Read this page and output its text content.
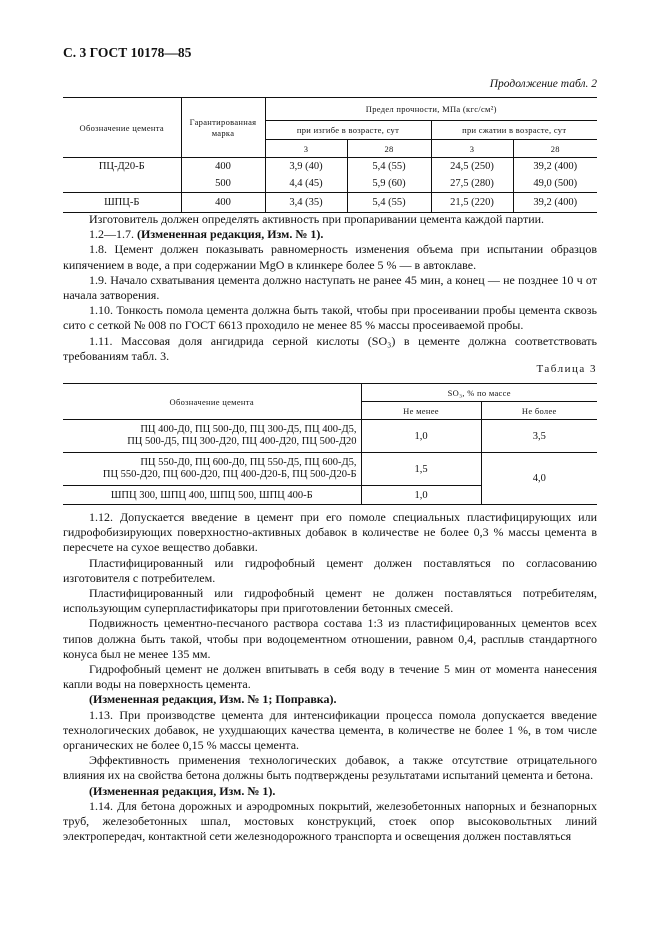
С. 3 ГОСТ 10178—85
Продолжение табл. 2
Обозначение цемента	Гарантированная марка	Предел прочности, МПа (кгс/см²)			
		при изгибе в возрасте, сут		при сжатии в возрасте, сут	
		3	28	3	28
ПЦ-Д20-Б	400	3,9 (40)	5,4 (55)	24,5 (250)	39,2 (400)
	500	4,4 (45)	5,9 (60)	27,5 (280)	49,0 (500)
ШПЦ-Б	400	3,4 (35)	5,4 (55)	21,5 (220)	39,2 (400)

Изготовитель должен определять активность при пропаривании цемента каждой партии.

1.2—1.7. (Измененная редакция, Изм. № 1).

1.8. Цемент должен показывать равномерность изменения объема при испытании образцов кипячением в воде, а при содержании MgO в клинкере более 5 % — в автоклаве.

1.9. Начало схватывания цемента должно наступать не ранее 45 мин, а конец — не позднее 10 ч от начала затворения.

1.10. Тонкость помола цемента должна быть такой, чтобы при просеивании пробы цемента сквозь сито с сеткой № 008 по ГОСТ 6613 проходило не менее 85 % массы просеиваемой пробы.

1.11. Массовая доля ангидрида серной кислоты (SO₃) в цементе должна соответствовать требованиям табл. 3.

Таблица 3
Обозначение цемента	SO₃, % по массе	
	Не менее	Не более
ПЦ 400-Д0, ПЦ 500-Д0, ПЦ 300-Д5, ПЦ 400-Д5,
ПЦ 500-Д5, ПЦ 300-Д20, ПЦ 400-Д20, ПЦ 500-Д20	1,0	3,5
ПЦ 550-Д0, ПЦ 600-Д0, ПЦ 550-Д5, ПЦ 600-Д5,
ПЦ 550-Д20, ПЦ 600-Д20, ПЦ 400-Д20-Б, ПЦ 500-Д20-Б	1,5	4,0
ШПЦ 300, ШПЦ 400, ШПЦ 500, ШПЦ 400-Б	1,0	

1.12. Допускается введение в цемент при его помоле специальных пластифицирующих или гидрофобизирующих поверхностно-активных добавок в количестве не более 0,3 % массы цемента в пересчете на сухое вещество добавки.

Пластифицированный или гидрофобный цемент должен поставляться по согласованию изготовителя с потребителем.

Пластифицированный или гидрофобный цемент не должен поставляться потребителям, использующим суперпластификаторы при приготовлении бетонных смесей.

Подвижность цементно-песчаного раствора состава 1:3 из пластифицированных цементов всех типов должна быть такой, чтобы при водоцементном отношении, равном 0,4, расплыв стандартного конуса был не менее 135 мм.

Гидрофобный цемент не должен впитывать в себя воду в течение 5 мин от момента нанесения капли воды на поверхность цемента.

(Измененная редакция, Изм. № 1; Поправка).

1.13. При производстве цемента для интенсификации процесса помола допускается введение технологических добавок, не ухудшающих качества цемента, в количестве не более 1 %, в том числе органических не более 0,15 % массы цемента.

Эффективность применения технологических добавок, а также отсутствие отрицательного влияния их на свойства бетона должны быть подтверждены результатами испытаний цемента и бетона.

(Измененная редакция, Изм. № 1).

1.14. Для бетона дорожных и аэродромных покрытий, железобетонных напорных и безнапорных труб, железобетонных шпал, мостовых конструкций, стоек опор высоковольтных линий электропередач, контактной сети железнодорожного транспорта и освещения должен поставляться
